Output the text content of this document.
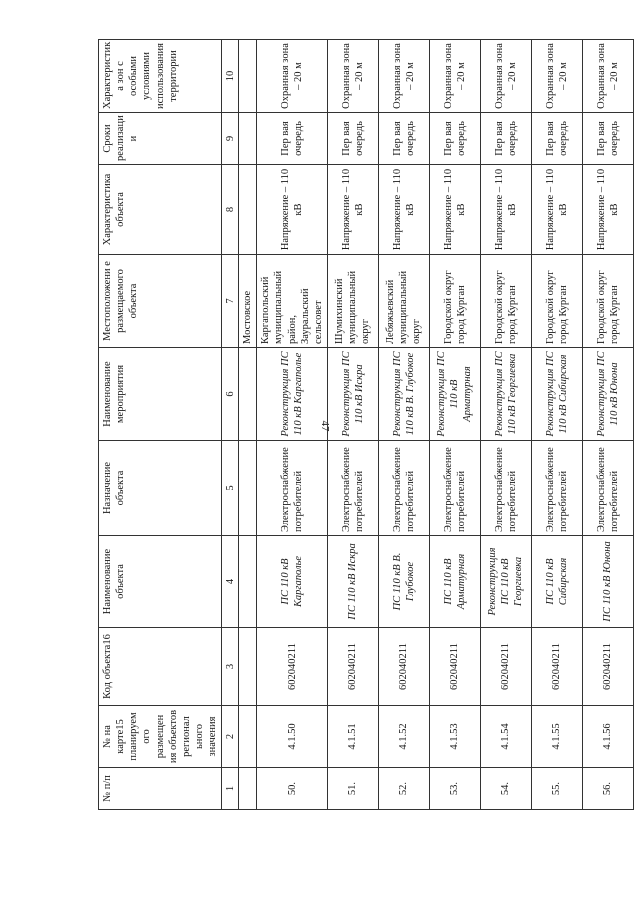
47
№ п/п	№ на карте15 планируем ого размещен ия объектов регионал ьного значения	Код объекта16	Наименование объекта	Назначение объекта	Наименование мероприятия	Местоположени е размещаемого объекта	Характеристика объекта	Сроки реализаци и	Характеристик а зон с особыми условиями использования территории
1	2	3	4	5	6	7	8	9	10
						Мостовское			
50.	4.1.50	602040211	ПС 110 кВ Каргаполье	Электроснабжение потребителей	Реконструкция ПС 110 кВ Каргаполье	Каргапольский муниципальный район, Зауральский сельсовет	Напряжение – 110 кВ	Пер вая очередь	Охранная зона – 20 м
51.	4.1.51	602040211	ПС 110 кВ Искра	Электроснабжение потребителей	Реконструкция ПС 110 кВ Искра	Шумихинский муниципальный округ	Напряжение – 110 кВ	Пер вая очередь	Охранная зона – 20 м
52.	4.1.52	602040211	ПС 110 кВ В. Глубокое	Электроснабжение потребителей	Реконструкция ПС 110 кВ В. Глубокое	Лебяжьевский муниципальный округ	Напряжение – 110 кВ	Пер вая очередь	Охранная зона – 20 м
53.	4.1.53	602040211	ПС 110 кВ Арматурная	Электроснабжение потребителей	Реконструкция ПС 110 кВ Арматурная	Городской округ город Курган	Напряжение – 110 кВ	Пер вая очередь	Охранная зона – 20 м
54.	4.1.54	602040211	Реконструкция ПС 110 кВ Георгиевка	Электроснабжение потребителей	Реконструкция ПС 110 кВ Георгиевка	Городской округ город Курган	Напряжение – 110 кВ	Пер вая очередь	Охранная зона – 20 м
55.	4.1.55	602040211	ПС 110 кВ Сибирская	Электроснабжение потребителей	Реконструкция ПС 110 кВ Сибирская	Городской округ город Курган	Напряжение – 110 кВ	Пер вая очередь	Охранная зона – 20 м
56.	4.1.56	602040211	ПС 110 кВ Юнона	Электроснабжение потребителей	Реконструкция ПС 110 кВ Юнона	Городской округ город Курган	Напряжение – 110 кВ	Пер вая очередь	Охранная зона – 20 м
